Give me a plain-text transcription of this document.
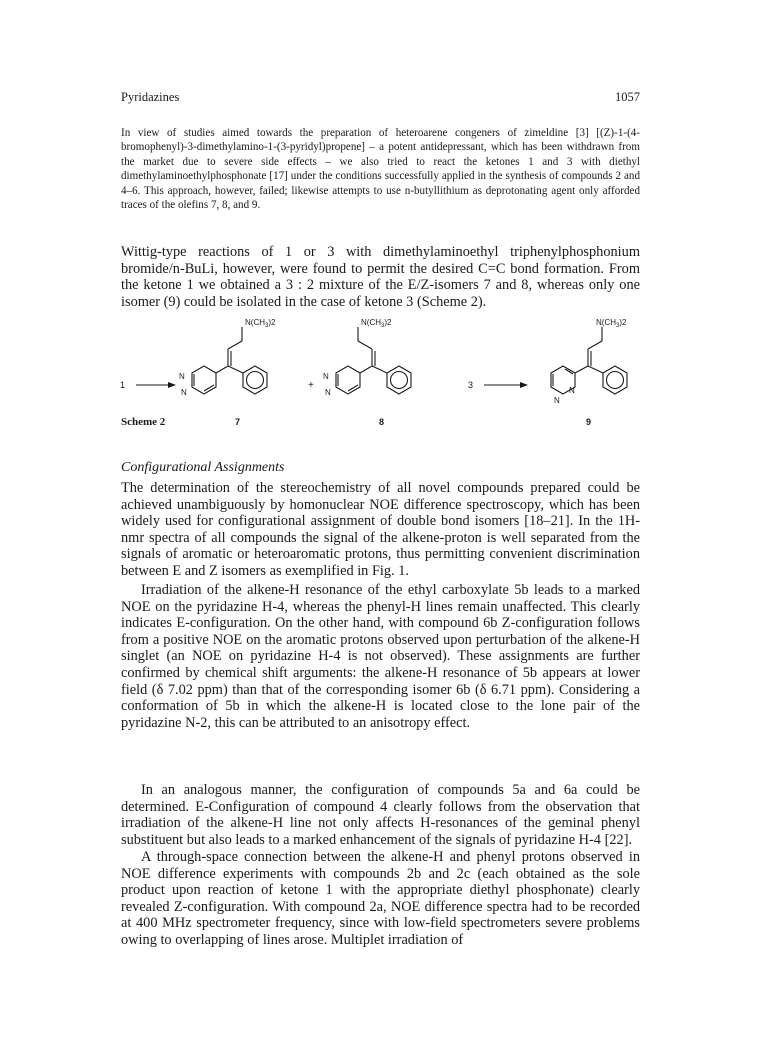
Pyridazines	1057

In view of studies aimed towards the preparation of heteroarene congeners of zimeldine [3] [(Z)-1-(4-bromophenyl)-3-dimethylamino-1-(3-pyridyl)propene] – a potent antidepressant, which has been withdrawn from the market due to severe side effects – we also tried to react the ketones 1 and 3 with diethyl dimethylaminoethylphosphonate [17] under the conditions successfully applied in the synthesis of compounds 2 and 4–6. This approach, however, failed; likewise attempts to use n-butyllithium as deprotonating agent only afforded traces of the olefins 7, 8, and 9.

Wittig-type reactions of 1 or 3 with dimethylaminoethyl triphenylphosphonium bromide/n-BuLi, however, were found to permit the desired C=C bond formation. From the ketone 1 we obtained a 3 : 2 mixture of the E/Z-isomers 7 and 8, whereas only one isomer (9) could be isolated in the case of ketone 3 (Scheme 2).

1
$N(CH_3)2$
N
N
7
+
$N(CH_3)2$
N
N
8
3
$N(CH_3)2$
N
N
9
Scheme 2
Configurational Assignments

The determination of the stereochemistry of all novel compounds prepared could be achieved unambiguously by homonuclear NOE difference spectroscopy, which has been widely used for configurational assignment of double bond isomers [18–21]. In the 1H-nmr spectra of all compounds the signal of the alkene-proton is well separated from the signals of aromatic or heteroaromatic protons, thus permitting convenient discrimination between E and Z isomers as exemplified in Fig. 1.

Irradiation of the alkene-H resonance of the ethyl carboxylate 5b leads to a marked NOE on the pyridazine H-4, whereas the phenyl-H lines remain unaffected. This clearly indicates E-configuration. On the other hand, with compound 6b Z-configuration follows from a positive NOE on the aromatic protons observed upon perturbation of the alkene-H singlet (an NOE on pyridazine H-4 is not observed). These assignments are further confirmed by chemical shift arguments: the alkene-H resonance of 5b appears at lower field (δ 7.02 ppm) than that of the corresponding isomer 6b (δ 6.71 ppm). Considering a conformation of 5b in which the alkene-H is located close to the lone pair of the pyridazine N-2, this can be attributed to an anisotropy effect.

In an analogous manner, the configuration of compounds 5a and 6a could be determined. E-Configuration of compound 4 clearly follows from the observation that irradiation of the alkene-H line not only affects H-resonances of the geminal phenyl substituent but also leads to a marked enhancement of the signals of pyridazine H-4 [22].

A through-space connection between the alkene-H and phenyl protons observed in NOE difference experiments with compounds 2b and 2c (each obtained as the sole product upon reaction of ketone 1 with the appropriate diethyl phosphonate) clearly revealed Z-configuration. With compound 2a, NOE difference spectra had to be recorded at 400 MHz spectrometer frequency, since with low-field spectrometers severe problems owing to overlapping of lines arose. Multiplet irradiation of
